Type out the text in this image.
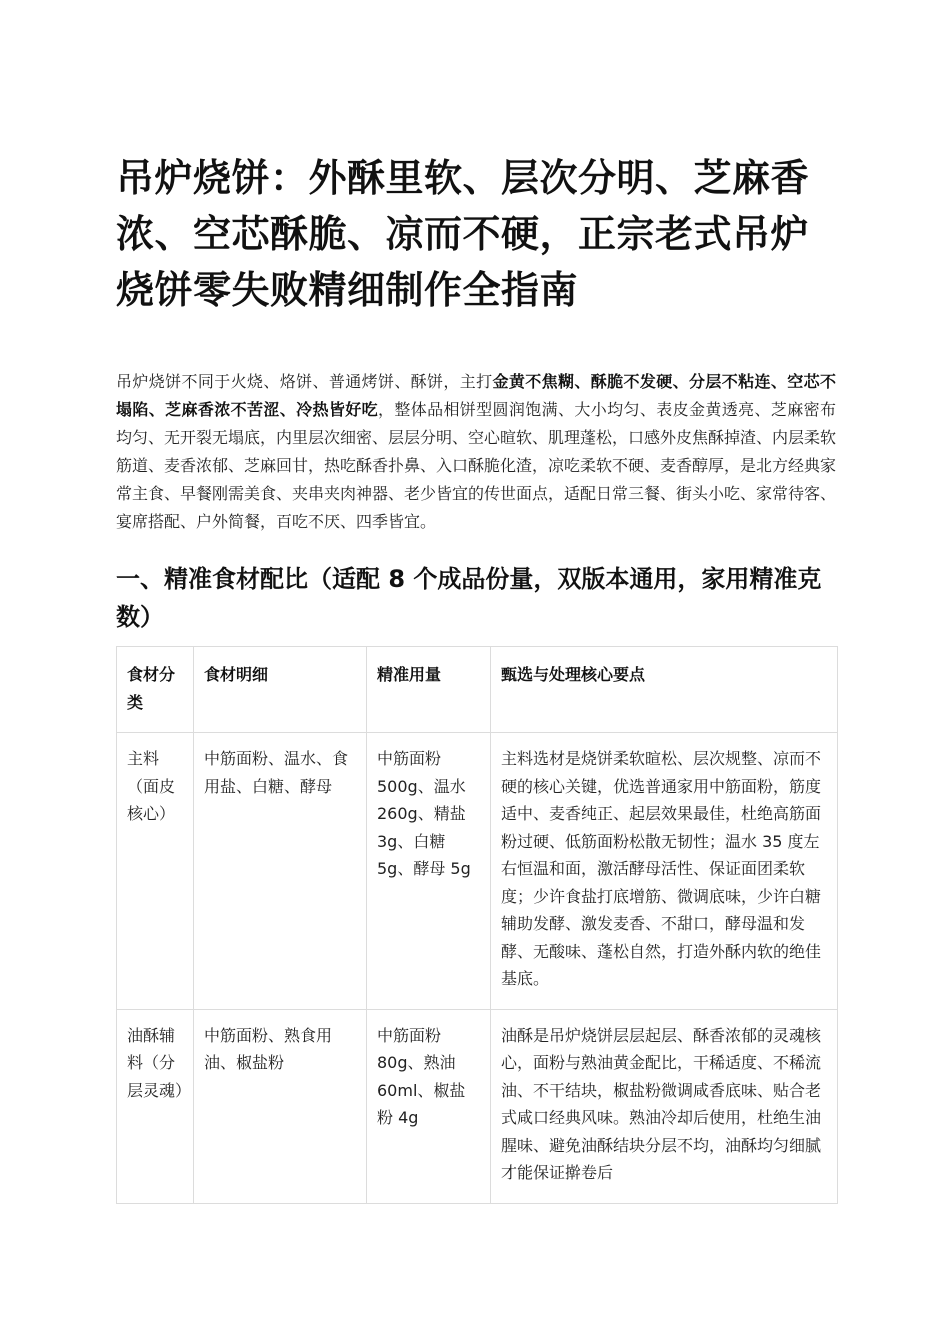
吊炉烧饼：外酥里软、层次分明、芝麻香浓、空芯酥脆、凉而不硬，正宗老式吊炉烧饼零失败精细制作全指南

吊炉烧饼不同于火烧、烙饼、普通烤饼、酥饼，主打金黄不焦糊、酥脆不发硬、分层不粘连、空芯不塌陷、芝麻香浓不苦涩、冷热皆好吃，整体品相饼型圆润饱满、大小均匀、表皮金黄透亮、芝麻密布均匀、无开裂无塌底，内里层次细密、层层分明、空心暄软、肌理蓬松，口感外皮焦酥掉渣、内层柔软筋道、麦香浓郁、芝麻回甘，热吃酥香扑鼻、入口酥脆化渣，凉吃柔软不硬、麦香醇厚，是北方经典家常主食、早餐刚需美食、夹串夹肉神器、老少皆宜的传世面点，适配日常三餐、街头小吃、家常待客、宴席搭配、户外简餐，百吃不厌、四季皆宜。

一、精准食材配比（适配 8 个成品份量，双版本通用，家用精准克数）
食材分类	食材明细	精准用量	甄选与处理核心要点
主料（面皮核心）	中筋面粉、温水、食用盐、白糖、酵母	中筋面粉 500g、温水 260g、精盐 3g、白糖 5g、酵母 5g	主料选材是烧饼柔软暄松、层次规整、凉而不硬的核心关键，优选普通家用中筋面粉，筋度适中、麦香纯正、起层效果最佳，杜绝高筋面粉过硬、低筋面粉松散无韧性；温水 35 度左右恒温和面，激活酵母活性、保证面团柔软度；少许食盐打底增筋、微调底味，少许白糖辅助发酵、激发麦香、不甜口，酵母温和发酵、无酸味、蓬松自然，打造外酥内软的绝佳基底。
油酥辅料（分层灵魂）	中筋面粉、熟食用油、椒盐粉	中筋面粉 80g、熟油 60ml、椒盐粉 4g	油酥是吊炉烧饼层层起层、酥香浓郁的灵魂核心，面粉与熟油黄金配比，干稀适度、不稀流油、不干结块，椒盐粉微调咸香底味、贴合老式咸口经典风味。熟油冷却后使用，杜绝生油腥味、避免油酥结块分层不均，油酥均匀细腻才能保证擀卷后
